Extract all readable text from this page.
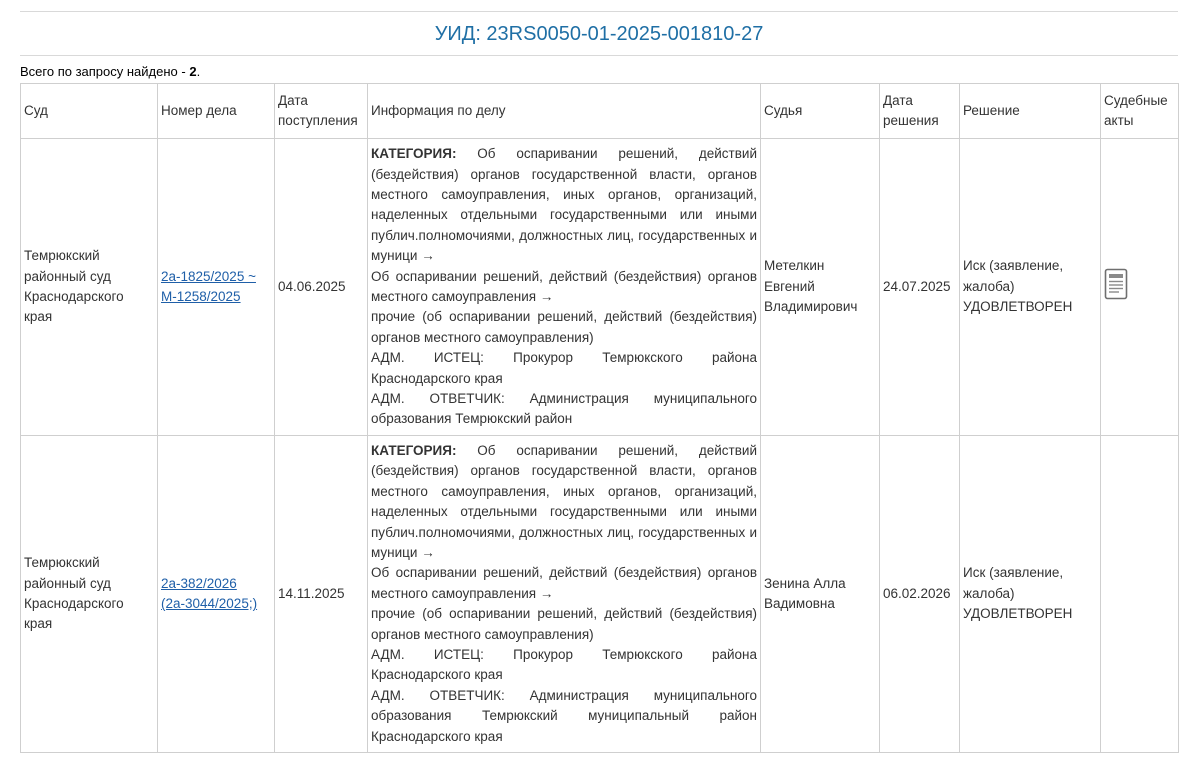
УИД: 23RS0050-01-2025-001810-27
Всего по запросу найдено - 2.
Суд	Номер дела	Дата поступления	Информация по делу	Судья	Дата решения	Решение	Судебные акты
Темрюкский районный суд Краснодарского края	2а-1825/2025 ~
М-1258/2025	04.06.2025	КАТЕГОРИЯ: Об оспаривании решений, действий (бездействия) органов государственной власти, органов местного самоуправления, иных органов, организаций, наделенных отдельными государственными или иными публич.полномочиями, должностных лиц, государственных и муници →
Об оспаривании решений, действий (бездействия) органов местного самоуправления →
прочие (об оспаривании решений, действий (бездействия) органов местного самоуправления)
АДМ. ИСТЕЦ: Прокурор Темрюкского района Краснодарского края
АДМ. ОТВЕТЧИК: Администрация муниципального образования Темрюкский район	Метелкин Евгений Владимирович	24.07.2025	Иск (заявление, жалоба) УДОВЛЕТВОРЕН	
Темрюкский районный суд Краснодарского края	2а-382/2026
(2а-3044/2025;)	14.11.2025	КАТЕГОРИЯ: Об оспаривании решений, действий (бездействия) органов государственной власти, органов местного самоуправления, иных органов, организаций, наделенных отдельными государственными или иными публич.полномочиями, должностных лиц, государственных и муници →
Об оспаривании решений, действий (бездействия) органов местного самоуправления →
прочие (об оспаривании решений, действий (бездействия) органов местного самоуправления)
АДМ. ИСТЕЦ: Прокурор Темрюкского района Краснодарского края
АДМ. ОТВЕТЧИК: Администрация муниципального образования Темрюкский муниципальный район Краснодарского края	Зенина Алла Вадимовна	06.02.2026	Иск (заявление, жалоба) УДОВЛЕТВОРЕН	
